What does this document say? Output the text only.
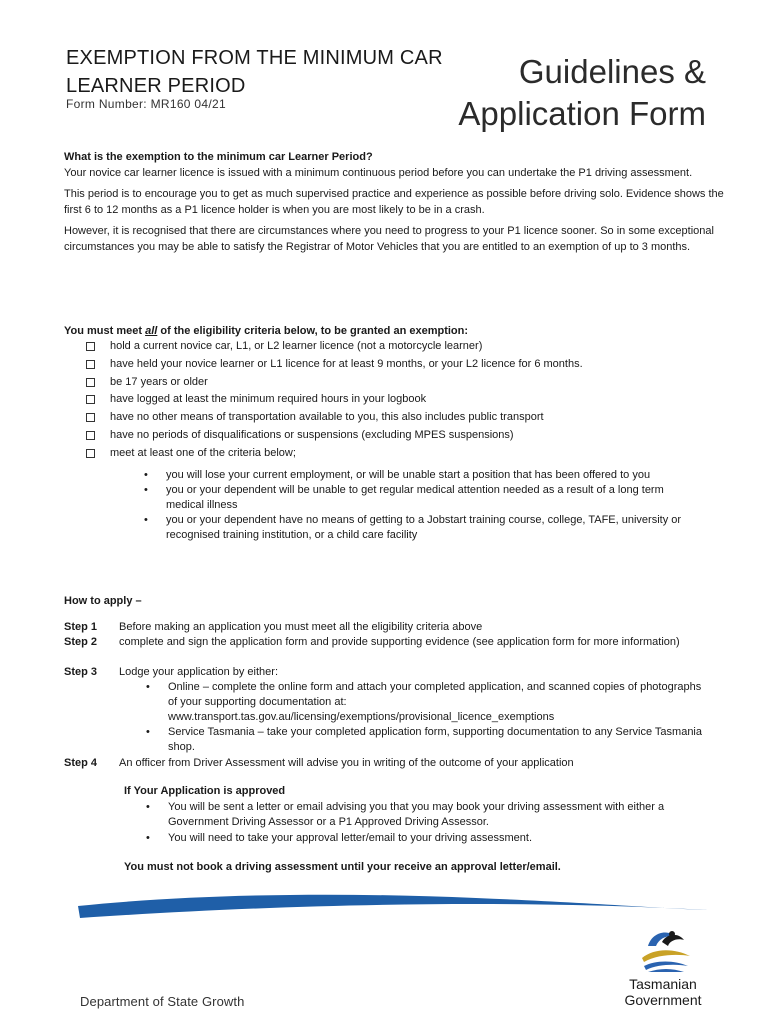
EXEMPTION FROM THE MINIMUM CAR LEARNER PERIOD
Form Number: MR160 04/21
Guidelines &
Application Form
What is the exemption to the minimum car Learner Period?

Your novice car learner licence is issued with a minimum continuous period before you can undertake the P1 driving assessment.

This period is to encourage you to get as much supervised practice and experience as possible before driving solo. Evidence shows the first 6 to 12 months as a P1 licence holder is when you are most likely to be in a crash.

However, it is recognised that there are circumstances where you need to progress to your P1 licence sooner. So in some exceptional circumstances you may be able to satisfy the Registrar of Motor Vehicles that you are entitled to an exemption of up to 3 months.

You must meet all of the eligibility criteria below, to be granted an exemption:
hold a current novice car, L1, or L2 learner licence (not a motorcycle learner)
have held your novice learner or L1 licence for at least 9 months, or your L2 licence for 6 months.
be 17 years or older
have logged at least the minimum required hours in your logbook
have no other means of transportation available to you, this also includes public transport
have no periods of disqualifications or suspensions (excluding MPES suspensions)
meet at least one of the criteria below;
•	you will lose your current employment, or will be unable start a position that has been offered to you
•	you or your dependent will be unable to get regular medical attention needed as a result of a long term medical illness
•	you or your dependent have no means of getting to a Jobstart training course, college, TAFE, university or recognised training institution, or a child care facility
How to apply –
Step 1 Before making an application you must meet all the eligibility criteria above
Step 2 complete and sign the application form and provide supporting evidence (see application form for more information)
Step 3 Lodge your application by either:
•	Online – complete the online form and attach your completed application, and scanned copies of photographs of your supporting documentation at: www.transport.tas.gov.au/licensing/exemptions/provisional_licence_exemptions
•	Service Tasmania – take your completed application form, supporting documentation to any Service Tasmania shop.
Step 4 An officer from Driver Assessment will advise you in writing of the outcome of your application
If Your Application is approved
•	You will be sent a letter or email advising you that you may book your driving assessment with either a Government Driving Assessor or a P1 Approved Driving Assessor.
•	You will need to take your approval letter/email to your driving assessment.
You must not book a driving assessment until your receive an approval letter/email.
Department of State Growth
Tasmanian
Government
